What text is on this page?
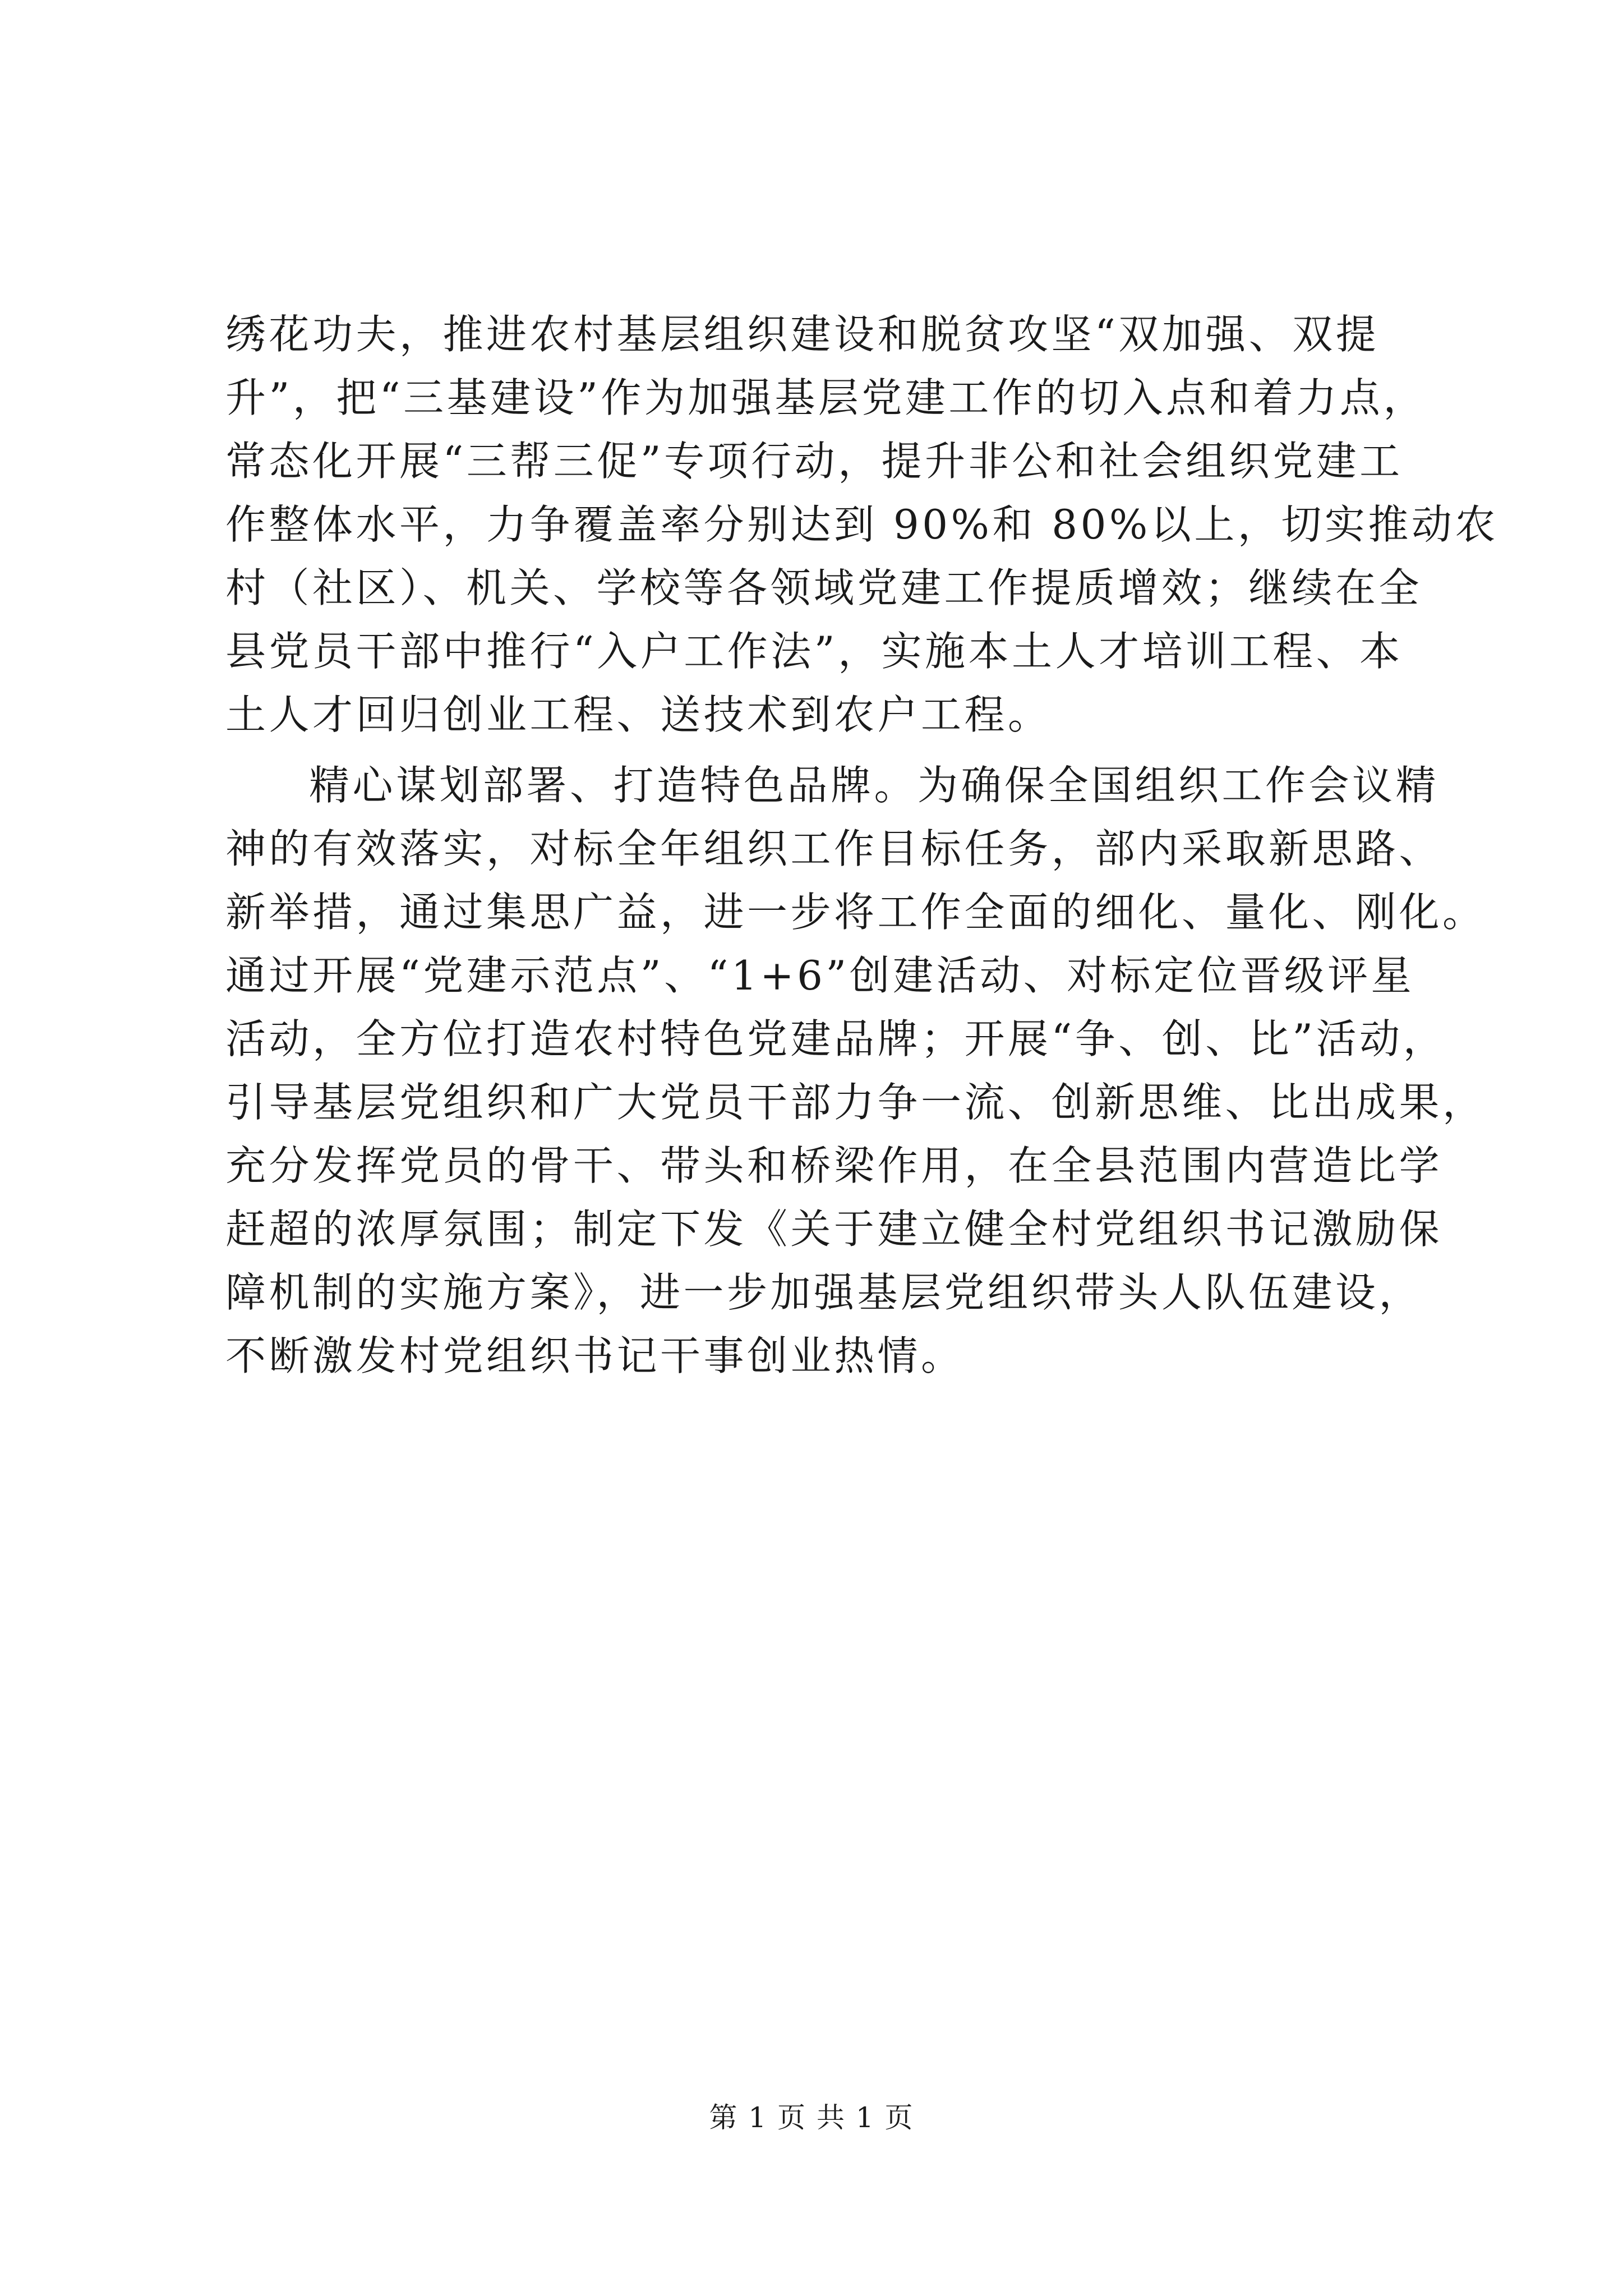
绣花功夫，推进农村基层组织建设和脱贫攻坚“双加强、双提
升”，把“三基建设”作为加强基层党建工作的切入点和着力点，
常态化开展“三帮三促”专项行动，提升非公和社会组织党建工
作整体水平，力争覆盖率分别达到 90%和 80%以上，切实推动农
村（社区）、机关、学校等各领域党建工作提质增效；继续在全
县党员干部中推行“入户工作法”，实施本土人才培训工程、本
土人才回归创业工程、送技术到农户工程。
精心谋划部署、打造特色品牌。为确保全国组织工作会议精
神的有效落实，对标全年组织工作目标任务，部内采取新思路、
新举措，通过集思广益，进一步将工作全面的细化、量化、刚化。
通过开展“党建示范点”、“1+6”创建活动、对标定位晋级评星
活动，全方位打造农村特色党建品牌；开展“争、创、比”活动，
引导基层党组织和广大党员干部力争一流、创新思维、比出成果，
充分发挥党员的骨干、带头和桥梁作用，在全县范围内营造比学
赶超的浓厚氛围；制定下发《关于建立健全村党组织书记激励保
障机制的实施方案》，进一步加强基层党组织带头人队伍建设，
不断激发村党组织书记干事创业热情。
第 1 页 共 1 页
